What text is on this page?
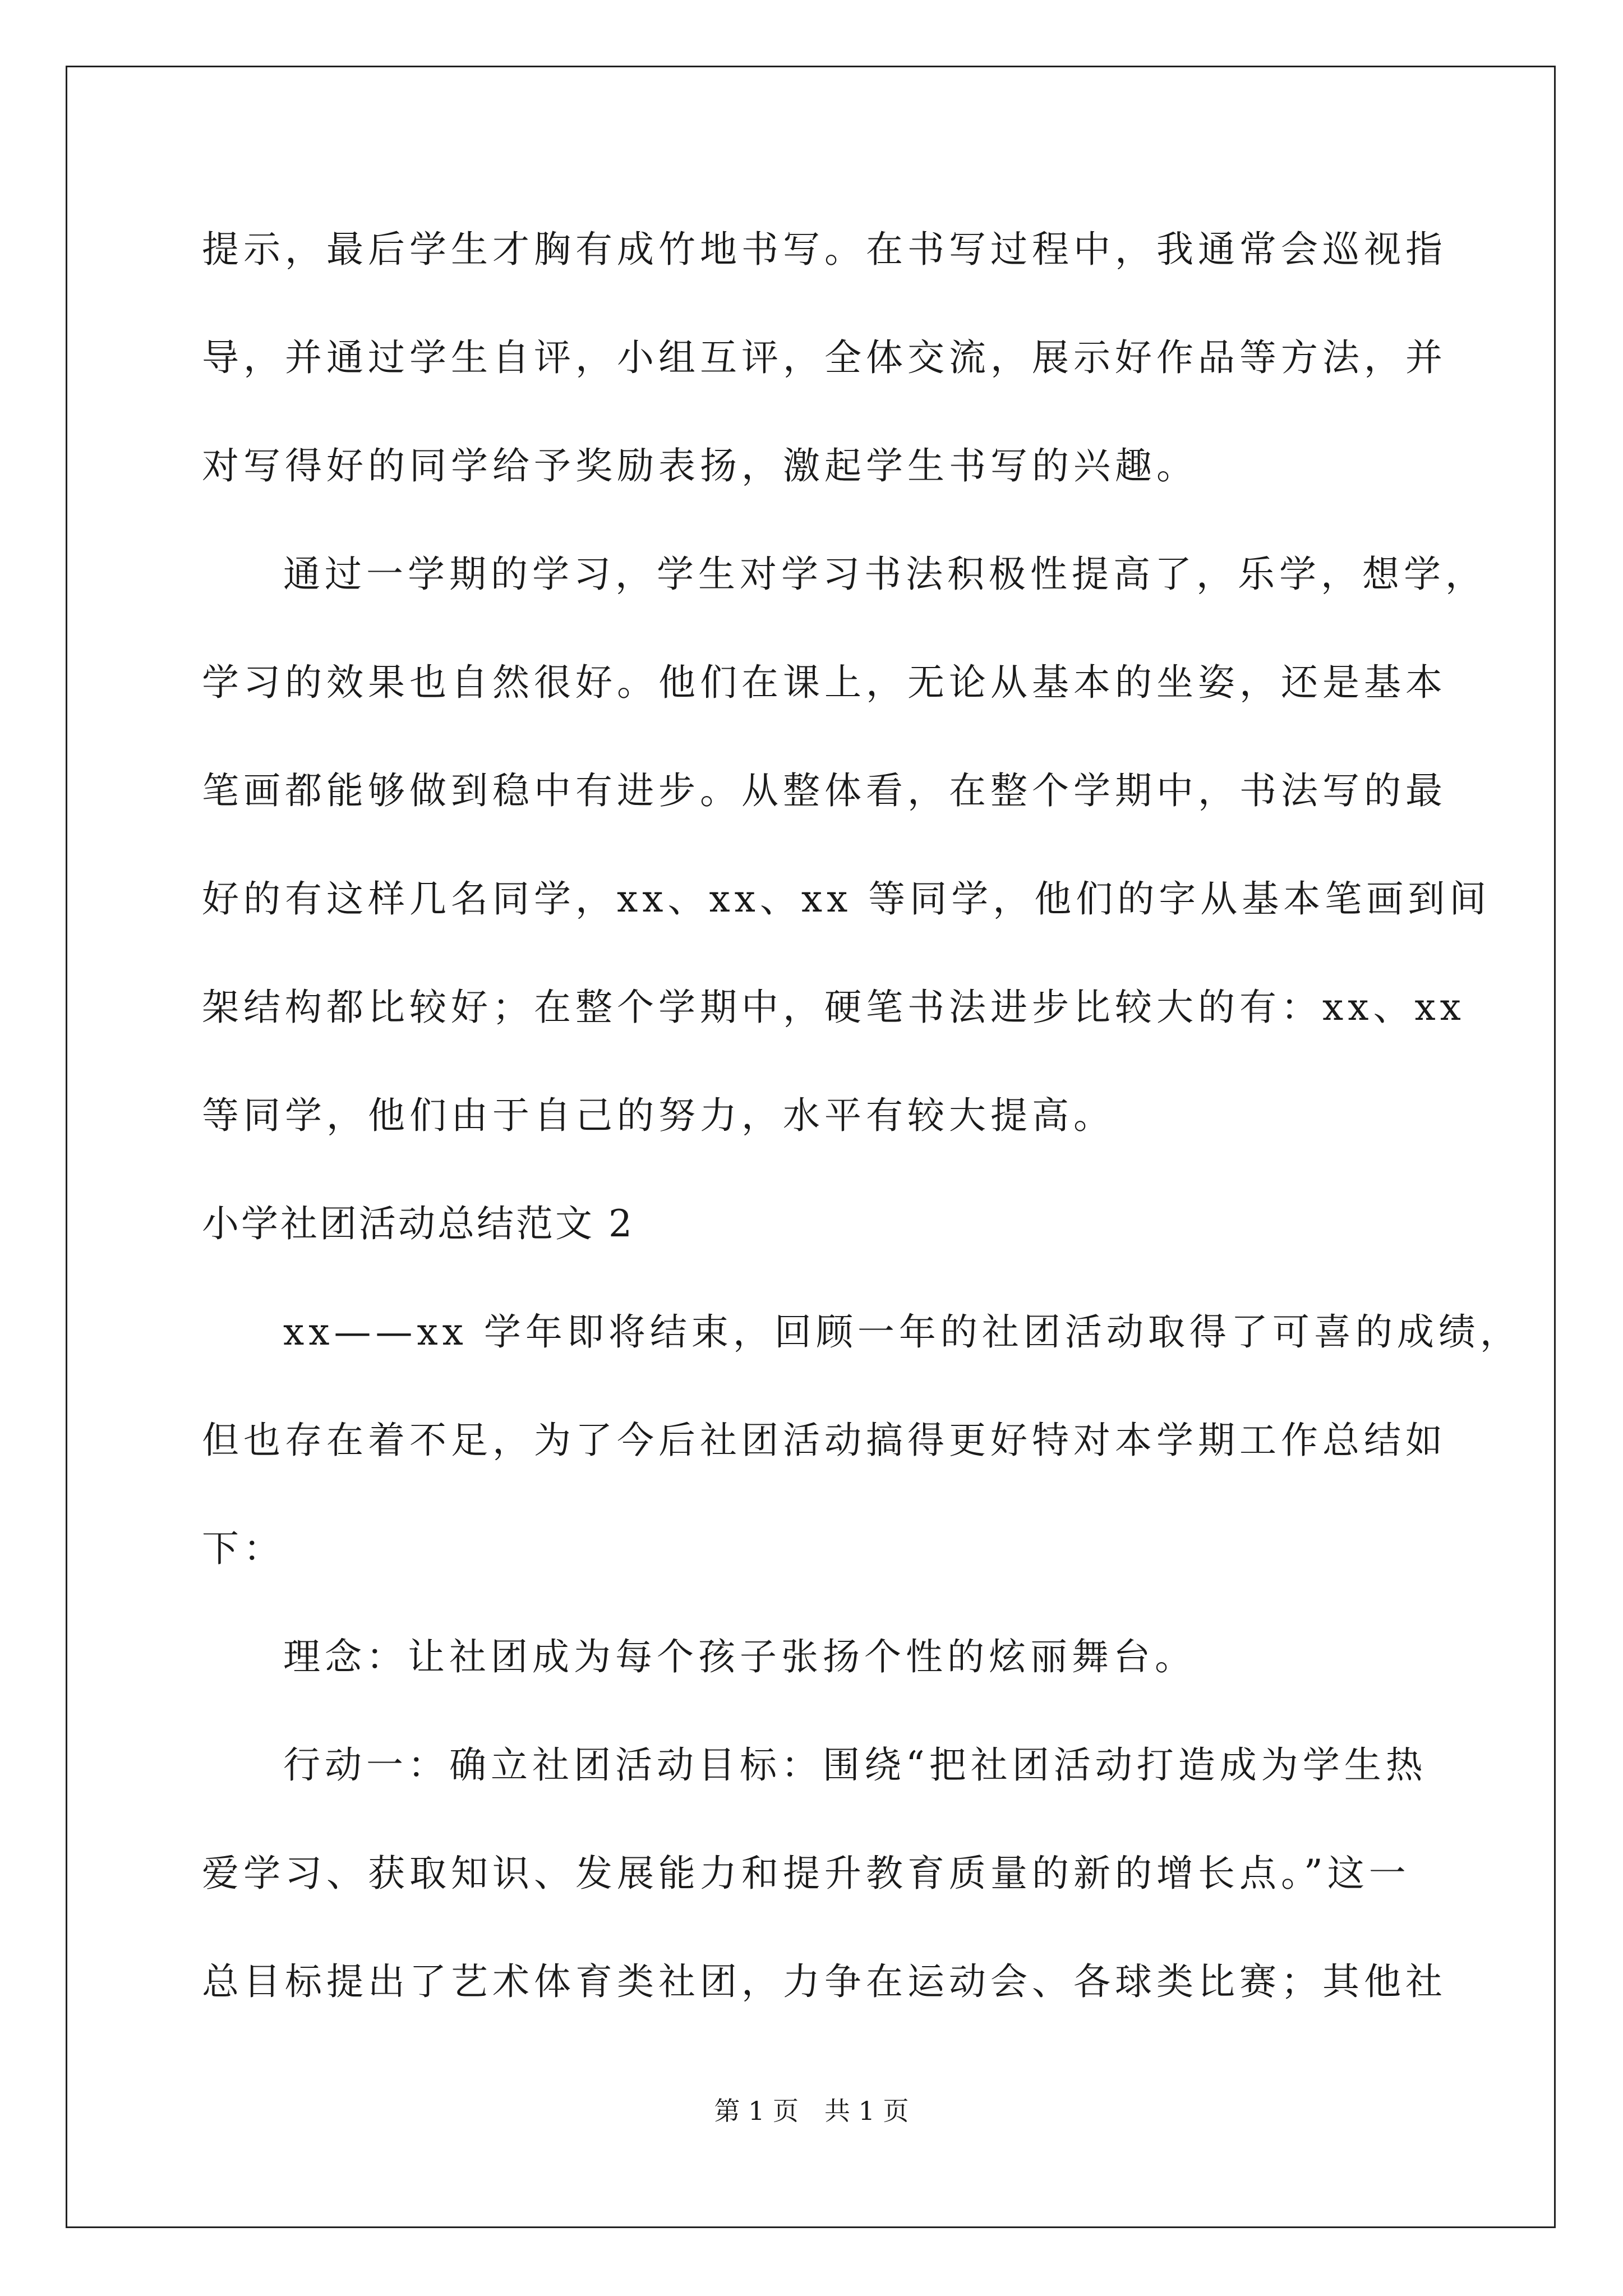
提示，最后学生才胸有成竹地书写。在书写过程中，我通常会巡视指
导，并通过学生自评，小组互评，全体交流，展示好作品等方法，并
对写得好的同学给予奖励表扬，激起学生书写的兴趣。
通过一学期的学习，学生对学习书法积极性提高了，乐学，想学，
学习的效果也自然很好。他们在课上，无论从基本的坐姿，还是基本
笔画都能够做到稳中有进步。从整体看，在整个学期中，书法写的最
好的有这样几名同学，xx、xx、xx 等同学，他们的字从基本笔画到间
架结构都比较好；在整个学期中，硬笔书法进步比较大的有：xx、xx
等同学，他们由于自己的努力，水平有较大提高。
小学社团活动总结范文 2
xx——xx 学年即将结束，回顾一年的社团活动取得了可喜的成绩，
但也存在着不足，为了今后社团活动搞得更好特对本学期工作总结如
下：
理念：让社团成为每个孩子张扬个性的炫丽舞台。
行动一：确立社团活动目标：围绕“把社团活动打造成为学生热
爱学习、获取知识、发展能力和提升教育质量的新的增长点。”这一
总目标提出了艺术体育类社团，力争在运动会、各球类比赛；其他社
第 1 页　共 1 页
